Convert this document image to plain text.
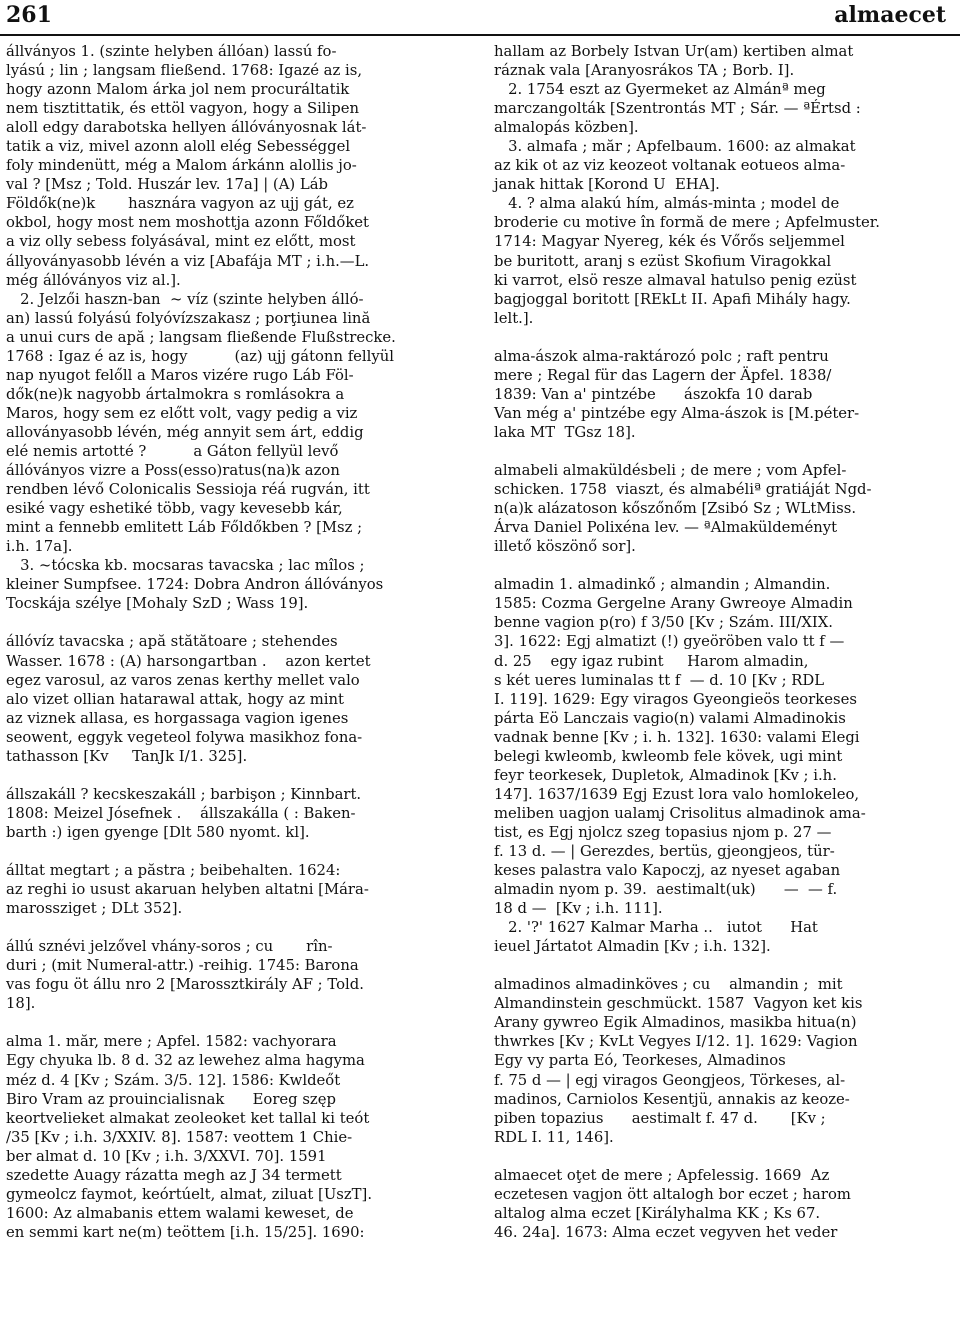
261	almaecet
állványos 1. (szinte helyben állóan) lassú fo-
lyású ; lin ; langsam fließend. 1768: Igazé az is,
hogy azonn Malom árka jol nem procuráltatik
nem tisztittatik, és ettöl vagyon, hogy a Silipen
aloll edgy darabotska hellyen állóványosnak lát-
tatik a viz, mivel azonn aloll elég Sebességgel
foly mindenütt, még a Malom árkánn alollis jo-
val ? [Msz ; Told. Huszár lev. 17a] | (A) Láb
Földők(ne)k       hasznára vagyon az ujj gát, ez
okbol, hogy most nem moshottja azonn Főldőket
a viz olly sebess folyásával, mint ez előtt, most
állyoványasobb lévén a viz [Abafája MT ; i.h.—L.
még állóványos viz al.].
2. Jelzői haszn-ban  ~ víz (szinte helyben álló-
an) lassú folyású folyóvízszakasz ; porţiunea lină
a unui curs de apă ; langsam fließende Flußstrecke.
1768 : Igaz é az is, hogy          (az) ujj gátonn fellyül
nap nyugot felőll a Maros vizére rugo Láb Föl-
dők(ne)k nagyobb ártalmokra s romlásokra a
Maros, hogy sem ez előtt volt, vagy pedig a viz
alloványasobb lévén, még annyit sem árt, eddig
elé nemis artotté ?          a Gáton fellyül levő
állóványos vizre a Poss(esso)ratus(na)k azon
rendben lévő Colonicalis Sessioja réá rugván, itt
esiké vagy eshetiké több, vagy kevesebb kár,
mint a fennebb emlitett Láb Főldőkben ? [Msz ;
i.h. 17a].
3. ~tócska kb. mocsaras tavacska ; lac mîlos ;
kleiner Sumpfsee. 1724: Dobra Andron állóványos
Tocskája szélye [Mohaly SzD ; Wass 19].
állóvíz tavacska ; apă stătătoare ; stehendes
Wasser. 1678 : (A) harsongartban .    azon kertet
egez varosul, az varos zenas kerthy mellet valo
alo vizet ollian hatarawal attak, hogy az mint
az viznek allasa, es horgassaga vagion igenes
seowent, eggyk vegeteol folywa masikhoz fona-
tathasson [Kv     TanJk I/1. 325].
állszakáll ? kecskeszakáll ; barbişon ; Kinnbart.
1808: Meizel Jósefnek .    állszakálla ( : Baken-
barth :) igen gyenge [Dlt 580 nyomt. kl].
álltat megtart ; a păstra ; beibehalten. 1624:
az reghi io usust akaruan helyben altatni [Mára-
marossziget ; DLt 352].
állú sznévi jelzővel vhány-soros ; cu       rîn-
duri ; (mit Numeral-attr.) -reihig. 1745: Barona
vas fogu öt állu nro 2 [Marossztkirály AF ; Told.
18].
alma 1. măr, mere ; Apfel. 1582: vachyorara
Egy chyuka lb. 8 d. 32 az lewehez alma hagyma
méz d. 4 [Kv ; Szám. 3/5. 12]. 1586: Kwldeőt
Biro Vram az prouincialisnak      Eoreg szęp
keortvelieket almakat zeoleoket ket tallal ki teót
/35 [Kv ; i.h. 3/XXIV. 8]. 1587: veottem 1 Chie-
ber almat d. 10 [Kv ; i.h. 3/XXVI. 70]. 1591
szedette Auagy rázatta megh az J 34 termett
gymeolcz faymot, keórtúelt, almat, ziluat [UszT].
1600: Az almabanis ettem walami keweset, de
en semmi kart ne(m) teöttem [i.h. 15/25]. 1690:
hallam az Borbely Istvan Ur(am) kertiben almat
ráznak vala [Aranyosrákos TA ; Borb. I].
2. 1754 eszt az Gyermeket az Almánª meg
marczangolták [Szentrontás MT ; Sár. — ªÉrtsd :
almalopás közben].
3. almafa ; măr ; Apfelbaum. 1600: az almakat
az kik ot az viz keozeot voltanak eotueos alma-
janak hittak [Korond U  EHA].
4. ? alma alakú hím, almás-minta ; model de
broderie cu motive în formă de mere ; Apfelmuster.
1714: Magyar Nyereg, kék és Vőrős seljemmel
be buritott, aranj s ezüst Skofium Viragokkal
ki varrot, elsö resze almaval hatulso penig ezüst
bagjoggal boritott [REkLt II. Apafi Mihály hagy.
lelt.].
alma-ászok alma-raktározó polc ; raft pentru
mere ; Regal für das Lagern der Äpfel. 1838/
1839: Van a' pintzébe      ászokfa 10 darab
Van még a' pintzébe egy Alma-ászok is [M.péter-
laka MT  TGsz 18].
almabeli almaküldésbeli ; de mere ; vom Apfel-
schicken. 1758  viaszt, és almabéliª gratiáját Ngd-
n(a)k alázatoson kőszőnőm [Zsibó Sz ; WLtMiss.
Árva Daniel Polixéna lev. — ªAlmaküldeményt
illető köszönő sor].
almadin 1. almadinkő ; almandin ; Almandin.
1585: Cozma Gergelne Arany Gwreoye Almadin
benne vagion p(ro) f 3/50 [Kv ; Szám. III/XIX.
3]. 1622: Egj almatizt (!) gyeöröben valo tt f —
d. 25    egy igaz rubint     Harom almadin,
s két ueres luminalas tt f  — d. 10 [Kv ; RDL
I. 119]. 1629: Egy viragos Gyeongieös teorkeses
párta Eö Lanczais vagio(n) valami Almadinokis
vadnak benne [Kv ; i. h. 132]. 1630: valami Elegi
belegi kwleomb, kwleomb fele kövek, ugi mint
feyr teorkesek, Dupletok, Almadinok [Kv ; i.h.
147]. 1637/1639 Egj Ezust lora valo homlokeleo,
meliben uagjon ualamj Crisolitus almadinok ama-
tist, es Egj njolcz szeg topasius njom p. 27 —
f. 13 d. — | Gerezdes, bertüs, gjeongjeos, tür-
keses palastra valo Kapoczj, az nyeset agaban
almadin nyom p. 39.  aestimalt(uk)      —  — f.
18 d —  [Kv ; i.h. 111].
2. '?' 1627 Kalmar Marha ..   iutot      Hat
ieuel Jártatot Almadin [Kv ; i.h. 132].
almadinos almadinköves ; cu    almandin ;  mit
Almandinstein geschmückt. 1587  Vagyon ket kis
Arany gywreo Egik Almadinos, masikba hitua(n)
thwrkes [Kv ; KvLt Vegyes I/12. 1]. 1629: Vagion
Egy vy parta Eó, Teorkeses, Almadinos
f. 75 d — | egj viragos Geongjeos, Törkeses, al-
madinos, Carniolos Kesentjü, annakis az keoze-
piben topazius      aestimalt f. 47 d.       [Kv ;
RDL I. 11, 146].
almaecet oţet de mere ; Apfelessig. 1669  Az
eczetesen vagjon ött altalogh bor eczet ; harom
altalog alma eczet [Királyhalma KK ; Ks 67.
46. 24a]. 1673: Alma eczet vegyven het veder
